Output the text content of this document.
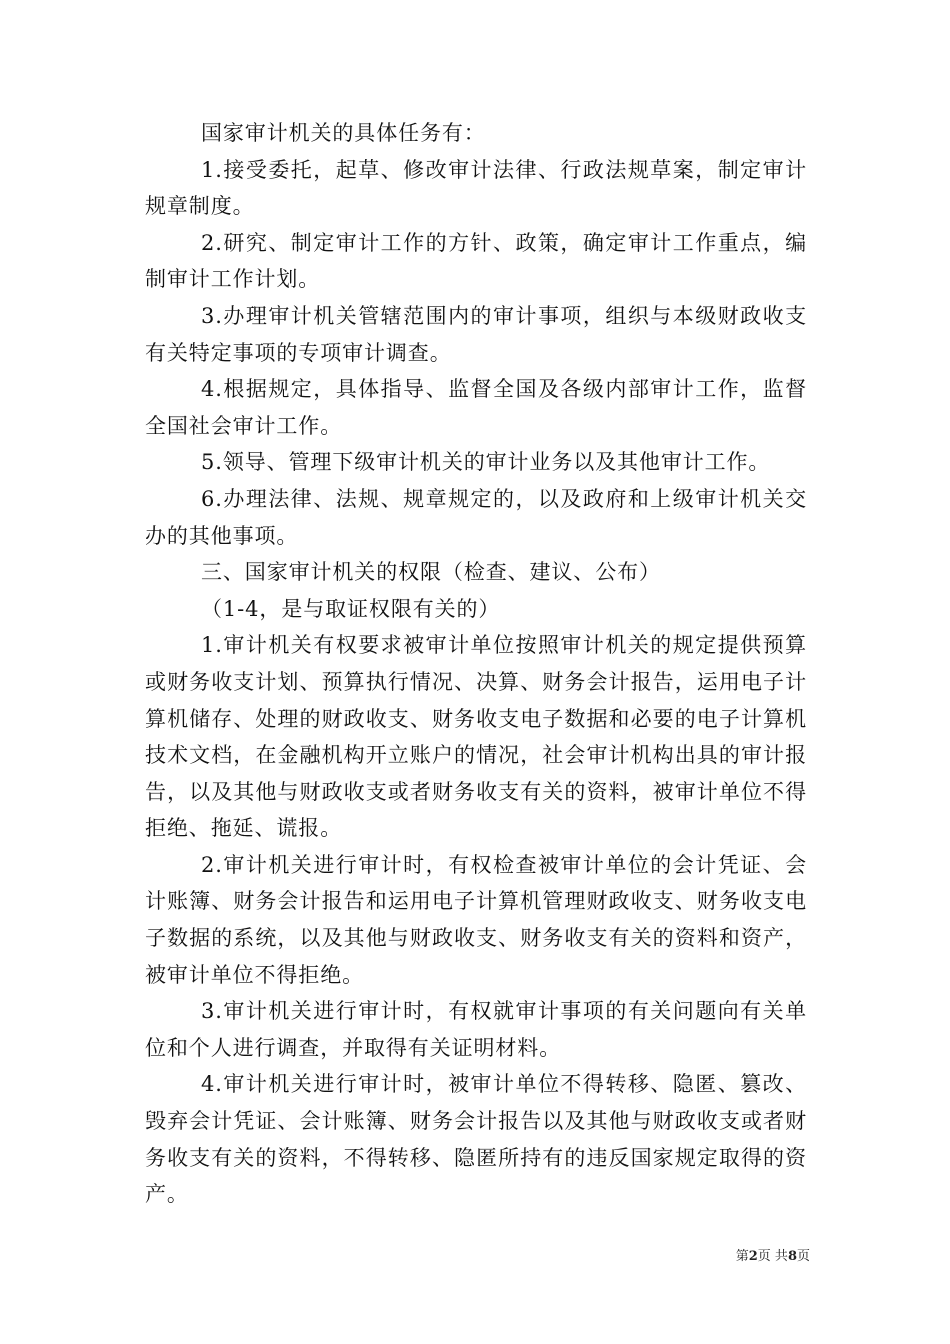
国家审计机关的具体任务有：

1.接受委托，起草、修改审计法律、行政法规草案，制定审计规章制度。

2.研究、制定审计工作的方针、政策，确定审计工作重点，编制审计工作计划。

3.办理审计机关管辖范围内的审计事项，组织与本级财政收支有关特定事项的专项审计调查。

4.根据规定，具体指导、监督全国及各级内部审计工作，监督全国社会审计工作。

5.领导、管理下级审计机关的审计业务以及其他审计工作。

6.办理法律、法规、规章规定的，以及政府和上级审计机关交办的其他事项。

三、国家审计机关的权限（检查、建议、公布）

（1-4，是与取证权限有关的）

1.审计机关有权要求被审计单位按照审计机关的规定提供预算或财务收支计划、预算执行情况、决算、财务会计报告，运用电子计算机储存、处理的财政收支、财务收支电子数据和必要的电子计算机技术文档，在金融机构开立账户的情况，社会审计机构出具的审计报告，以及其他与财政收支或者财务收支有关的资料，被审计单位不得拒绝、拖延、谎报。

2.审计机关进行审计时，有权检查被审计单位的会计凭证、会计账簿、财务会计报告和运用电子计算机管理财政收支、财务收支电子数据的系统，以及其他与财政收支、财务收支有关的资料和资产，被审计单位不得拒绝。

3.审计机关进行审计时，有权就审计事项的有关问题向有关单位和个人进行调查，并取得有关证明材料。

4.审计机关进行审计时，被审计单位不得转移、隐匿、篡改、毁弃会计凭证、会计账簿、财务会计报告以及其他与财政收支或者财务收支有关的资料，不得转移、隐匿所持有的违反国家规定取得的资产。

第2页 共8页
